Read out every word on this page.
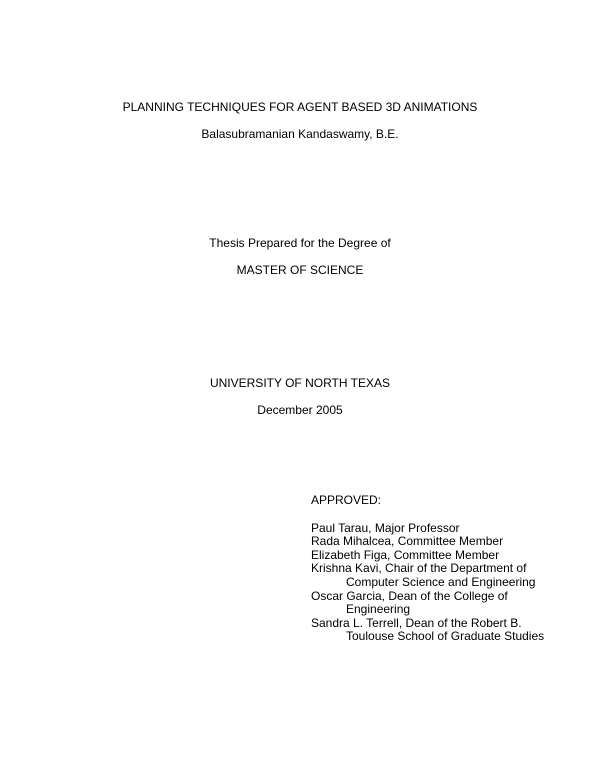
PLANNING TECHNIQUES FOR AGENT BASED 3D ANIMATIONS
Balasubramanian Kandaswamy, B.E.
Thesis Prepared for the Degree of
MASTER OF SCIENCE
UNIVERSITY OF NORTH TEXAS
December 2005
APPROVED:
Paul Tarau, Major Professor
Rada Mihalcea, Committee Member
Elizabeth Figa, Committee Member
Krishna Kavi, Chair of the Department of
Computer Science and Engineering
Oscar Garcia, Dean of the College of
Engineering
Sandra L. Terrell, Dean of the Robert B.
Toulouse School of Graduate Studies
